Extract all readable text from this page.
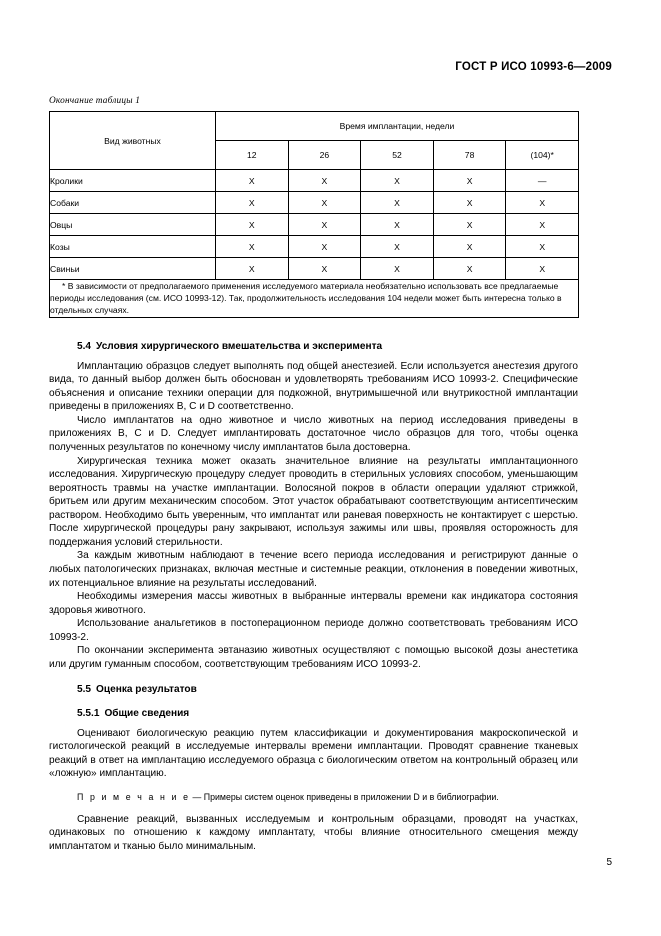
ГОСТ Р ИСО 10993-6—2009
Окончание таблицы 1
Вид животных	Время имплантации, недели				
	12	26	52	78	(104)*
Кролики	X	X	X	X	—
Собаки	X	X	X	X	X
Овцы	X	X	X	X	X
Козы	X	X	X	X	X
Свиньи	X	X	X	X	X

* В зависимости от предполагаемого применения исследуемого материала необязательно использовать все предлагаемые периоды исследования (см. ИСО 10993-12). Так, продолжительность исследования 104 недели может быть интересна только в отдельных случаях.					
5.4 Условия хирургического вмешательства и эксперимента

Имплантацию образцов следует выполнять под общей анестезией. Если используется анестезия другого вида, то данный выбор должен быть обоснован и удовлетворять требованиям ИСО 10993-2. Специфические объяснения и описание техники операции для подкожной, внутримышечной или внутрикостной имплантации приведены в приложениях В, С и D соответственно.

Число имплантатов на одно животное и число животных на период исследования приведены в приложениях В, С и D. Следует имплантировать достаточное число образцов для того, чтобы оценка полученных результатов по конечному числу имплантатов была достоверна.

Хирургическая техника может оказать значительное влияние на результаты имплантационного исследования. Хирургическую процедуру следует проводить в стерильных условиях способом, уменьшающим вероятность травмы на участке имплантации. Волосяной покров в области операции удаляют стрижкой, бритьем или другим механическим способом. Этот участок обрабатывают соответствующим антисептическим раствором. Необходимо быть уверенным, что имплантат или раневая поверхность не контактирует с шерстью. После хирургической процедуры рану закрывают, используя зажимы или швы, проявляя осторожность для поддержания условий стерильности.

За каждым животным наблюдают в течение всего периода исследования и регистрируют данные о любых патологических признаках, включая местные и системные реакции, отклонения в поведении животных, их потенциальное влияние на результаты исследований.

Необходимы измерения массы животных в выбранные интервалы времени как индикатора состояния здоровья животного.

Использование анальгетиков в постоперационном периоде должно соответствовать требованиям ИСО 10993-2.

По окончании эксперимента эвтаназию животных осуществляют с помощью высокой дозы анестетика или другим гуманным способом, соответствующим требованиям ИСО 10993-2.

5.5 Оценка результатов
5.5.1 Общие сведения

Оценивают биологическую реакцию путем классификации и документирования макроскопической и гистологической реакций в исследуемые интервалы времени имплантации. Проводят сравнение тканевых реакций в ответ на имплантацию исследуемого образца с биологическим ответом на контрольный образец или «ложную» имплантацию.

П р и м е ч а н и е — Примеры систем оценок приведены в приложении D и в библиографии.

Сравнение реакций, вызванных исследуемым и контрольным образцами, проводят на участках, одинаковых по отношению к каждому имплантату, чтобы влияние относительного смещения между имплантатом и тканью было минимальным.

5
